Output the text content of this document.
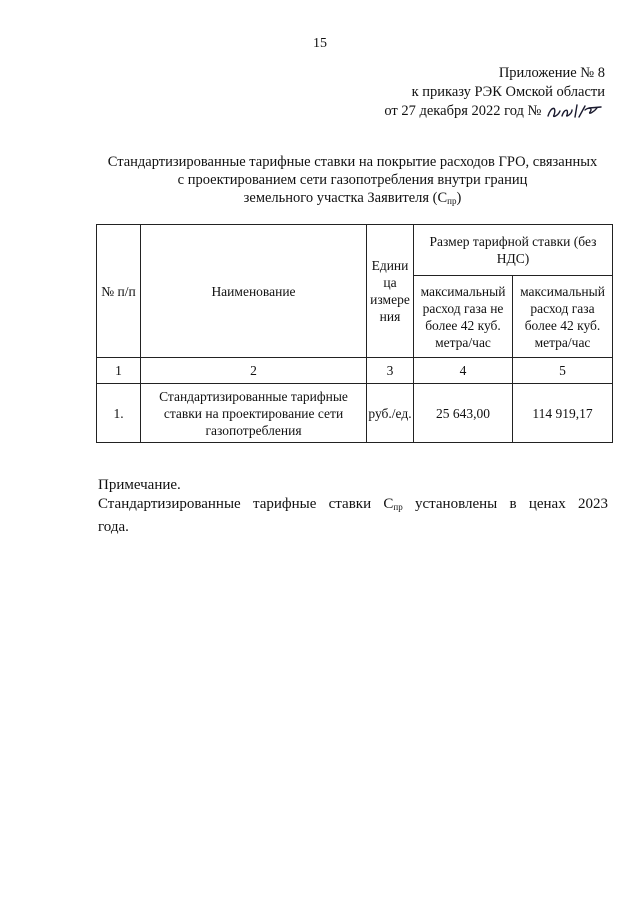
15
Приложение № 8
к приказу РЭК Омской области
от 27 декабря 2022 год №
Стандартизированные тарифные ставки на покрытие расходов ГРО, связанных
с проектированием сети газопотребления внутри границ
земельного участка Заявителя $(С_{пр})$
№ п/п	Наименование	Едини ца измере ния	Размер тарифной ставки (без НДС)	
			максимальный расход газа не более 42 куб. метра/час	максимальный расход газа более 42 куб. метра/час
1	2	3	4	5
1.	Стандартизированные тарифные ставки на проектирование сети газопотребления	руб./ед.	25 643,00	114 919,17
Примечание.
Стандартизированные тарифные ставки $С_{пр}$ установлены в ценах 2023 года.
